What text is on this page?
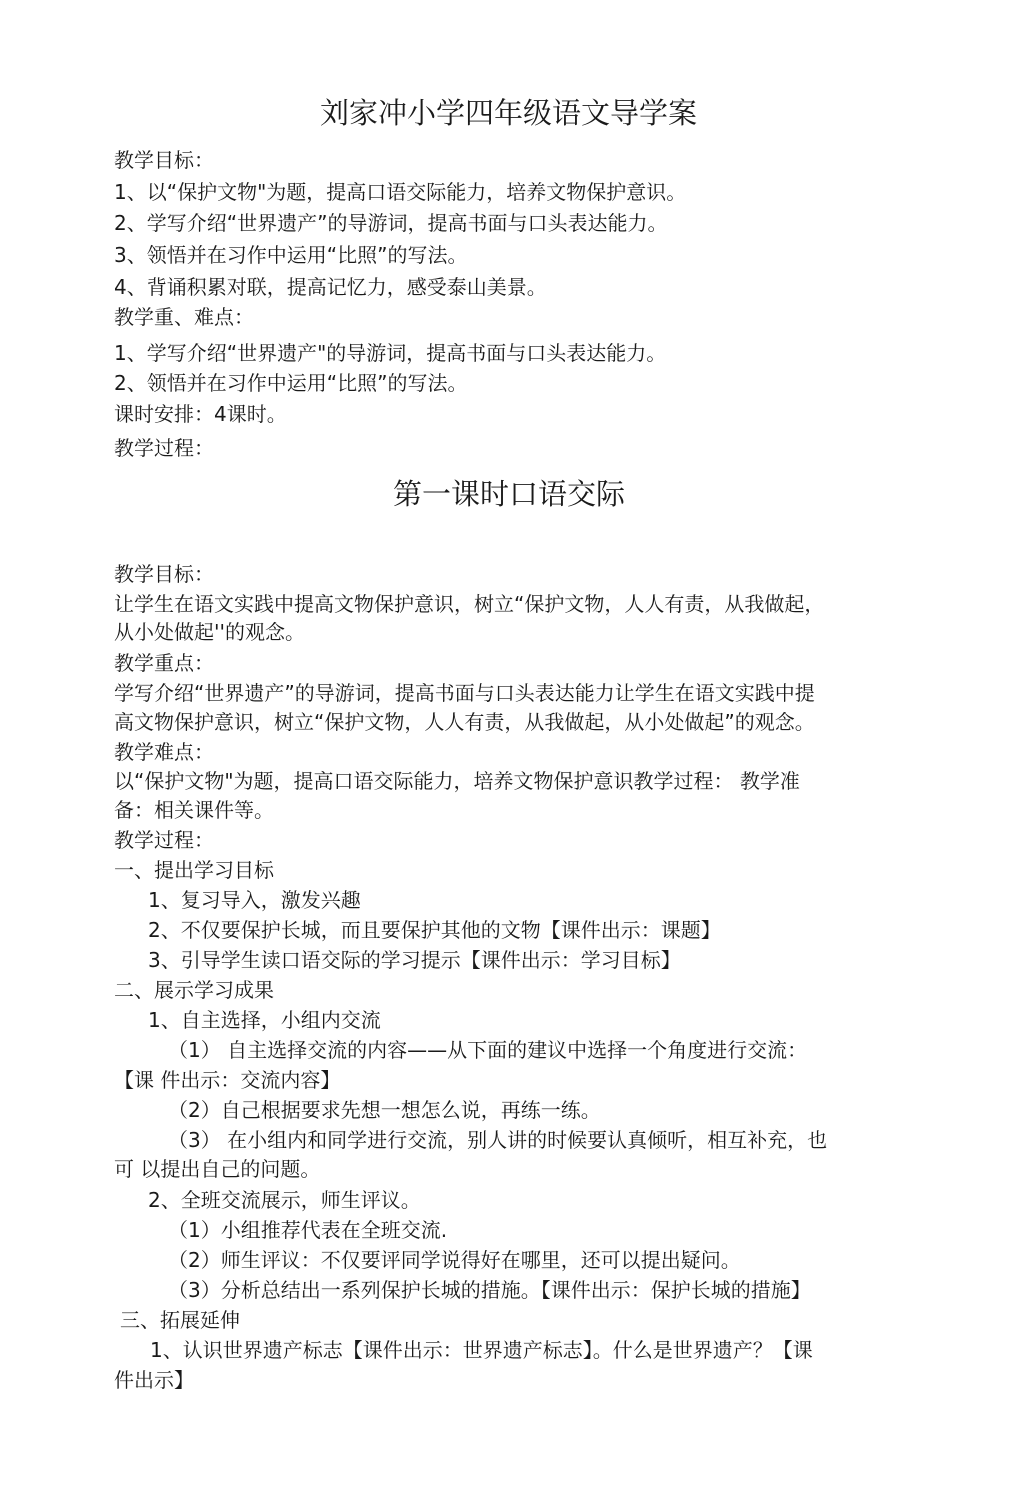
刘家冲小学四年级语文导学案
教学目标：
1、以“保护文物"为题，提高口语交际能力，培养文物保护意识。
2、学写介绍“世界遗产”的导游词，提高书面与口头表达能力。
3、领悟并在习作中运用“比照”的写法。
4、背诵积累对联，提高记忆力，感受泰山美景。
教学重、难点：
1、学写介绍“世界遗产"的导游词，提高书面与口头表达能力。
2、领悟并在习作中运用“比照”的写法。
课时安排：4课时。
教学过程：
第一课时口语交际
教学目标：
让学生在语文实践中提高文物保护意识，树立“保护文物，人人有责，从我做起，
从小处做起''的观念。
教学重点：
学写介绍“世界遗产”的导游词，提高书面与口头表达能力让学生在语文实践中提
高文物保护意识，树立“保护文物，人人有责，从我做起，从小处做起”的观念。
教学难点：
以“保护文物"为题，提高口语交际能力，培养文物保护意识教学过程： 教学准
备：相关课件等。
教学过程：
一、提出学习目标
1、复习导入，激发兴趣
2、不仅要保护长城，而且要保护其他的文物【课件出示：课题】
3、引导学生读口语交际的学习提示【课件出示：学习目标】
二、展示学习成果
1、自主选择，小组内交流
（1） 自主选择交流的内容——从下面的建议中选择一个角度进行交流：
【课 件出示：交流内容】
（2）自己根据要求先想一想怎么说，再练一练。
（3） 在小组内和同学进行交流，别人讲的时候要认真倾听，相互补充，也
可 以提出自己的问题。
2、全班交流展示，师生评议。
（1）小组推荐代表在全班交流.
（2）师生评议：不仅要评同学说得好在哪里，还可以提出疑问。
（3）分析总结出一系列保护长城的措施。【课件出示：保护长城的措施】
三、拓展延伸
1、认识世界遗产标志【课件出示：世界遗产标志】。什么是世界遗产？【课
件出示】
